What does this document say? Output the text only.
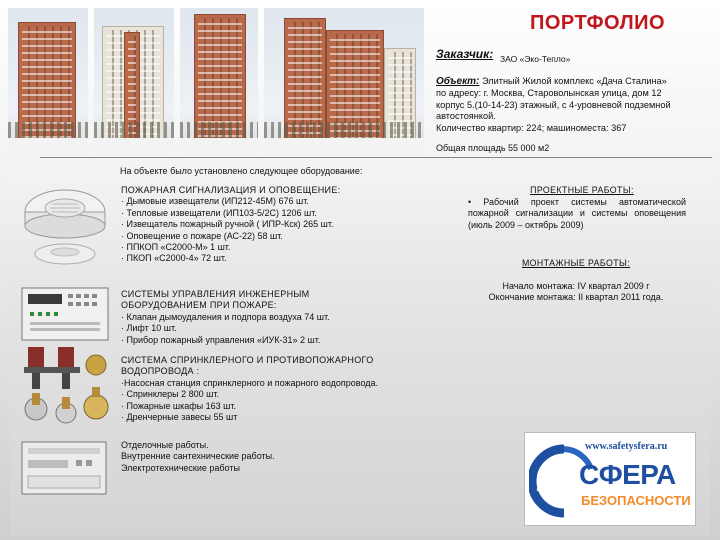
ПОРТФОЛИО
Заказчик: ЗАО «Эко-Тепло»
Объект: Элитный Жилой комплекс «Дача Сталина»
по адресу: г. Москва, Староволынская улица, дом 12
корпус 5.(10-14-23) этажный, с 4-уровневой подземной
автостоянкой.
Количество квартир: 224; машиноместа: 367
Общая площадь 55 000 м2
На объекте было установлено следующее оборудование:
ПОЖАРНАЯ СИГНАЛИЗАЦИЯ И ОПОВЕЩЕНИЕ:
· Дымовые извещатели (ИП212-45М) 676 шт.
· Тепловые извещатели (ИП103-5/2С) 1206 шт.
· Извещатель пожарный ручной ( ИПР-Кск) 265 шт.
· Оповещение о пожаре (АС-22) 58 шт.
· ППКОП «С2000-М» 1 шт.
· ПКОП «С2000-4» 72 шт.
СИСТЕМЫ УПРАВЛЕНИЯ ИНЖЕНЕРНЫМ
ОБОРУДОВАНИЕМ ПРИ ПОЖАРЕ:
· Клапан дымоудаления и подпора воздуха 74 шт.
· Лифт 10 шт.
· Прибор пожарный управления «ИУК-31» 2 шт.
СИСТЕМА СПРИНКЛЕРНОГО И ПРОТИВОПОЖАРНОГО
ВОДОПРОВОДА :
·Насосная станция спринклерного и пожарного водопровода.
· Спринклеры 2 800 шт.
· Пожарные шкафы 163 шт.
· Дренчерные завесы 55 шт
Отделочные работы.
Внутренние сантехнические работы.
Электротехнические работы
ПРОЕКТНЫЕ РАБОТЫ:
• Рабочий проект системы автоматической пожарной сигнализации и системы оповещения (июль 2009 – октябрь 2009)
МОНТАЖНЫЕ РАБОТЫ:
Начало монтажа: IV квартал 2009 г
Окончание монтажа: II квартал 2011 года.
www.safetysfera.ru
СФЕРА
БЕЗОПАСНОСТИ
